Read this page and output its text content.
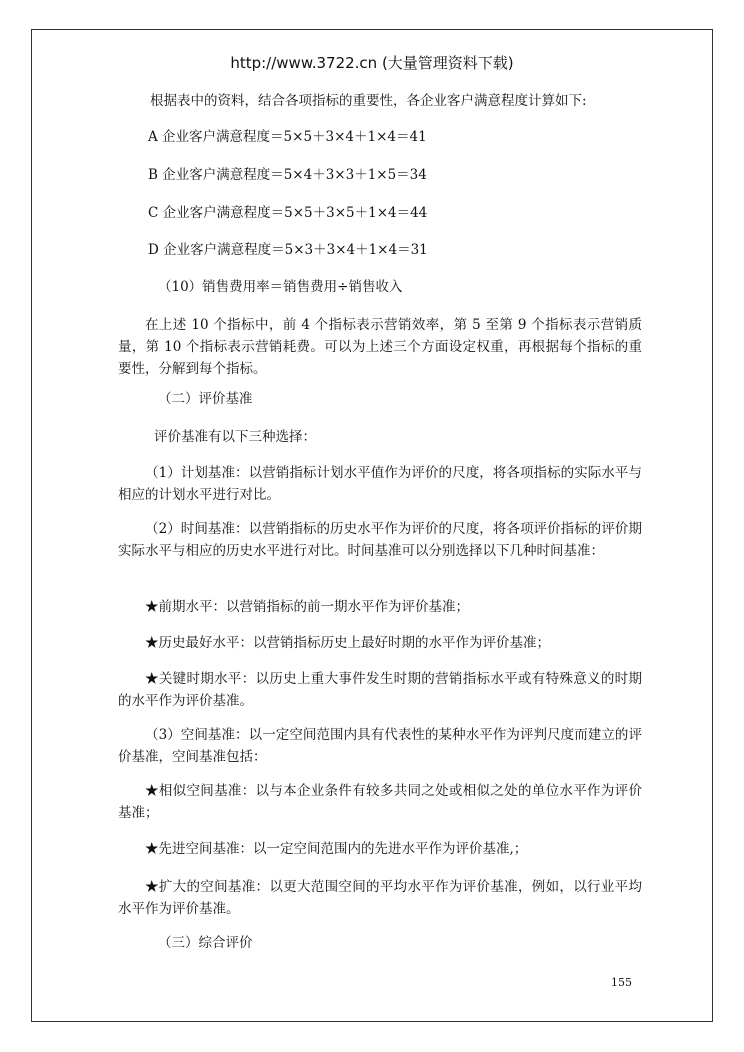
http://www.3722.cn (大量管理资料下载)
根据表中的资料，结合各项指标的重要性，各企业客户满意程度计算如下:
A 企业客户满意程度＝5×5＋3×4＋1×4＝41
B 企业客户满意程度＝5×4＋3×3＋1×5＝34
C 企业客户满意程度＝5×5＋3×5＋1×4＝44
D 企业客户满意程度＝5×3＋3×4＋1×4＝31
（10）销售费用率＝销售费用÷销售收入
在上述 10 个指标中，前 4 个指标表示营销效率，第 5 至第 9 个指标表示营销质量，第 10 个指标表示营销耗费。可以为上述三个方面设定权重，再根据每个指标的重要性，分解到每个指标。
（二）评价基准
评价基准有以下三种选择：
（1）计划基准：以营销指标计划水平值作为评价的尺度，将各项指标的实际水平与相应的计划水平进行对比。
（2）时间基准：以营销指标的历史水平作为评价的尺度，将各项评价指标的评价期实际水平与相应的历史水平进行对比。时间基准可以分别选择以下几种时间基准：
★前期水平：以营销指标的前一期水平作为评价基准；
★历史最好水平：以营销指标历史上最好时期的水平作为评价基准；
★关键时期水平：以历史上重大事件发生时期的营销指标水平或有特殊意义的时期的水平作为评价基准。
（3）空间基准：以一定空间范围内具有代表性的某种水平作为评判尺度而建立的评价基准，空间基准包括：
★相似空间基准：以与本企业条件有较多共同之处或相似之处的单位水平作为评价基准；
★先进空间基准：以一定空间范围内的先进水平作为评价基准,；
★扩大的空间基准：以更大范围空间的平均水平作为评价基准，例如，以行业平均水平作为评价基准。
（三）综合评价
155
